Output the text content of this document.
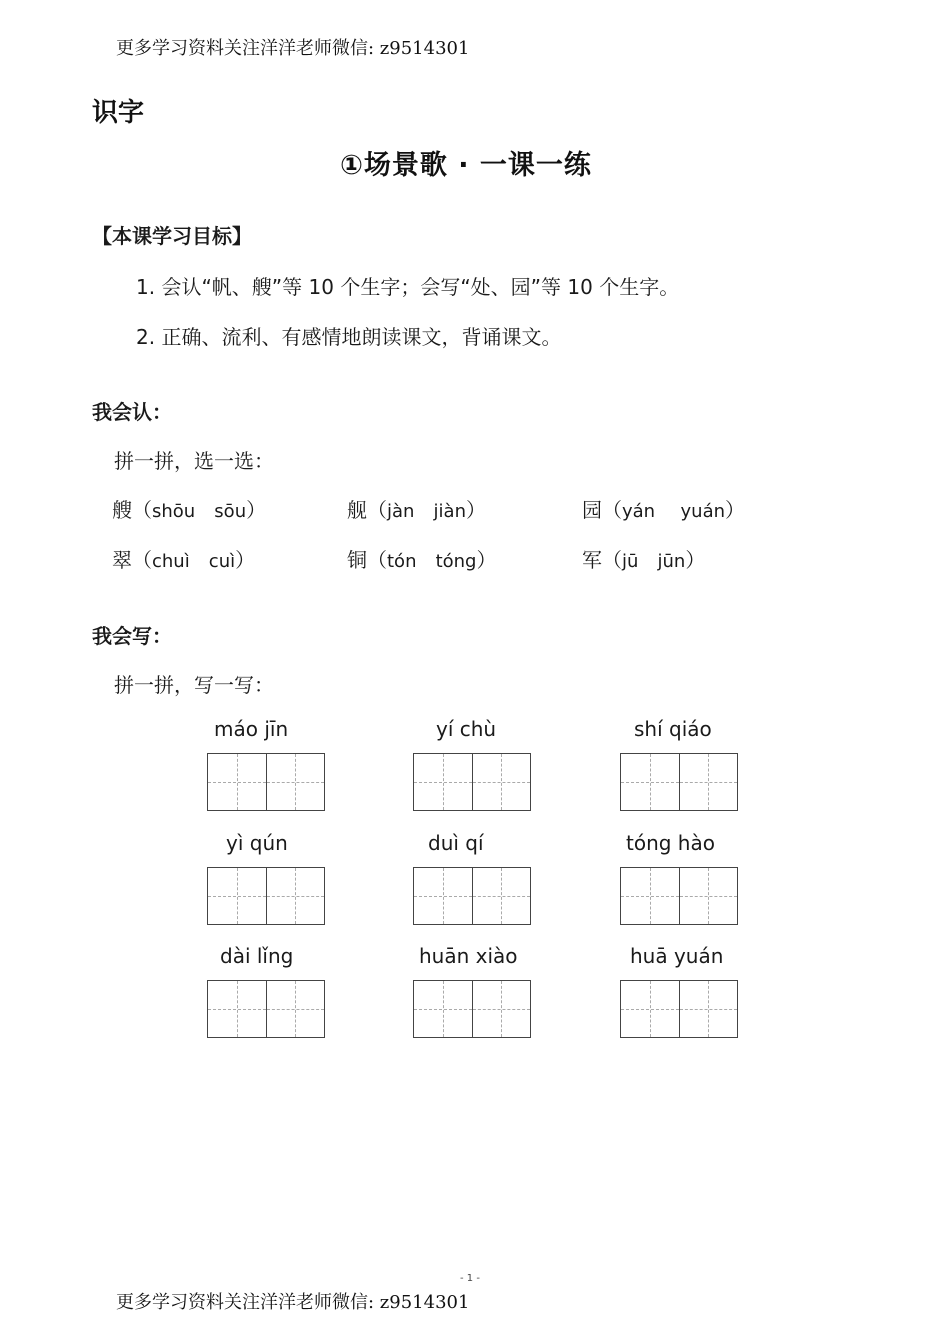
更多学习资料关注洋洋老师微信: z9514301
识字
①场景歌 · 一课一练
【本课学习目标】
1. 会认“帆、艘”等 10 个生字；会写“处、园”等 10 个生字。
2. 正确、流利、有感情地朗读课文，背诵课文。
我会认：
拼一拼，选一选：
艘（shōu sōu）	舰（jàn jiàn）	园（yán yuán）
翠（chuì cuì）	铜（tón tóng）	军（jū jūn）
我会写：
拼一拼，写一写：
máo jīn	yí chù	shí qiáo
yì qún	duì qí	tóng hào
dài lǐng	huān xiào	huā yuán
- 1 -
更多学习资料关注洋洋老师微信: z9514301
